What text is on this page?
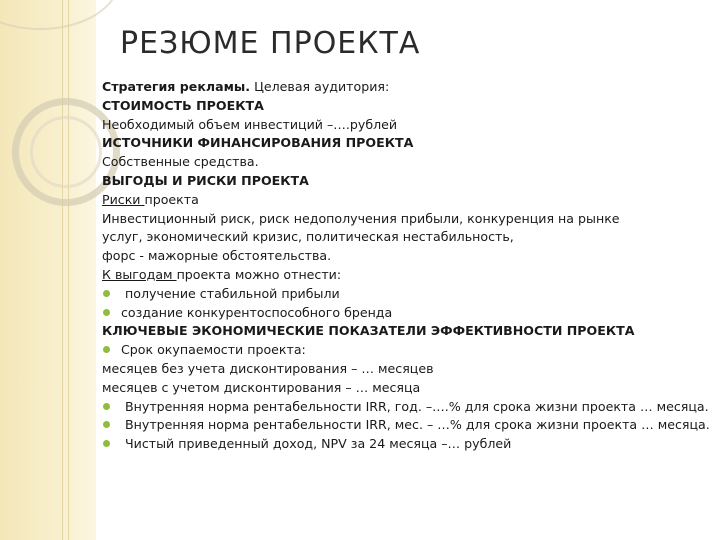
РЕЗЮМЕ ПРОЕКТА
Стратегия рекламы. Целевая аудитория:
СТОИМОСТЬ ПРОЕКТА
Необходимый объем инвестиций –….рублей
ИСТОЧНИКИ ФИНАНСИРОВАНИЯ ПРОЕКТА
Собственные средства.
ВЫГОДЫ И РИСКИ ПРОЕКТА
Риски проекта
Инвестиционный риск, риск недополучения прибыли, конкуренция на рынке
услуг, экономический кризис, политическая нестабильность,
форс - мажорные обстоятельства.
К выгодам проекта можно отнести:
получение стабильной прибыли
создание конкурентоспособного бренда
КЛЮЧЕВЫЕ ЭКОНОМИЧЕСКИЕ ПОКАЗАТЕЛИ ЭФФЕКТИВНОСТИ ПРОЕКТА
Срок окупаемости проекта:
месяцев без учета дисконтирования – … месяцев
месяцев с учетом дисконтирования – … месяца
Внутренняя норма рентабельности IRR, год. –….% для срока жизни проекта … месяца.
Внутренняя норма рентабельности IRR, мес. – …% для срока жизни проекта … месяца.
Чистый приведенный доход, NPV за 24 месяца –… рублей
